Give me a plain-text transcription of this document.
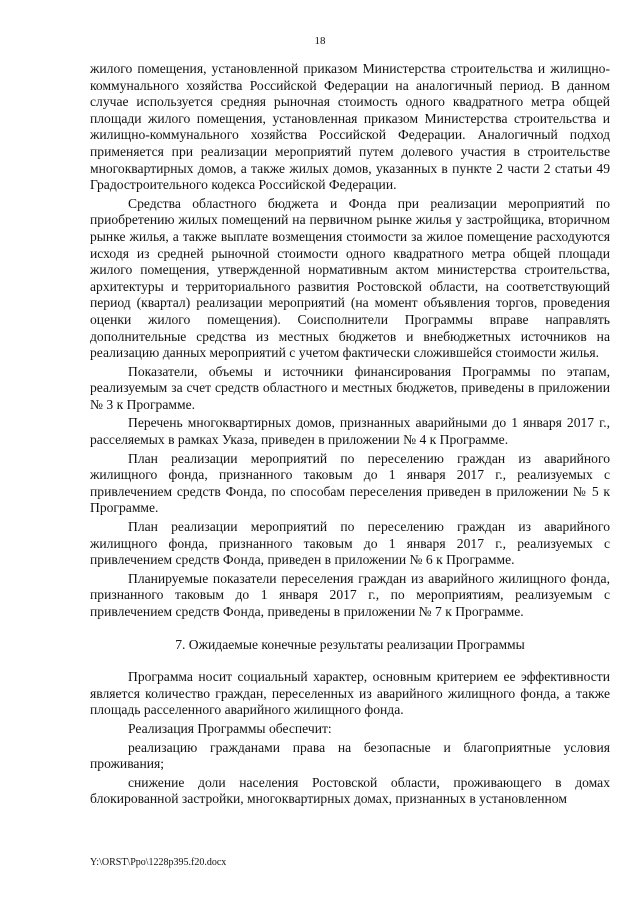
18

жилого помещения, установленной приказом Министерства строительства и жилищно-коммунального хозяйства Российской Федерации на аналогичный период. В данном случае используется средняя рыночная стоимость одного квадратного метра общей площади жилого помещения, установленная приказом Министерства строительства и жилищно-коммунального хозяйства Российской Федерации. Аналогичный подход применяется при реализации мероприятий путем долевого участия в строительстве многоквартирных домов, а также жилых домов, указанных в пункте 2 части 2 статьи 49 Градостроительного кодекса Российской Федерации.

Средства областного бюджета и Фонда при реализации мероприятий по приобретению жилых помещений на первичном рынке жилья у застройщика, вторичном рынке жилья, а также выплате возмещения стоимости за жилое помещение расходуются исходя из средней рыночной стоимости одного квадратного метра общей площади жилого помещения, утвержденной нормативным актом министерства строительства, архитектуры и территориального развития Ростовской области, на соответствующий период (квартал) реализации мероприятий (на момент объявления торгов, проведения оценки жилого помещения). Соисполнители Программы вправе направлять дополнительные средства из местных бюджетов и внебюджетных источников на реализацию данных мероприятий с учетом фактически сложившейся стоимости жилья.

Показатели, объемы и источники финансирования Программы по этапам, реализуемым за счет средств областного и местных бюджетов, приведены в приложении № 3 к Программе.

Перечень многоквартирных домов, признанных аварийными до 1 января 2017 г., расселяемых в рамках Указа, приведен в приложении № 4 к Программе.

План реализации мероприятий по переселению граждан из аварийного жилищного фонда, признанного таковым до 1 января 2017 г., реализуемых с привлечением средств Фонда, по способам переселения приведен в приложении № 5 к Программе.

План реализации мероприятий по переселению граждан из аварийного жилищного фонда, признанного таковым до 1 января 2017 г., реализуемых с привлечением средств Фонда, приведен в приложении № 6 к Программе.

Планируемые показатели переселения граждан из аварийного жилищного фонда, признанного таковым до 1 января 2017 г., по мероприятиям, реализуемым с привлечением средств Фонда, приведены в приложении № 7 к Программе.

7. Ожидаемые конечные результаты реализации Программы

Программа носит социальный характер, основным критерием ее эффективности является количество граждан, переселенных из аварийного жилищного фонда, а также площадь расселенного аварийного жилищного фонда.

Реализация Программы обеспечит:

реализацию гражданами права на безопасные и благоприятные условия проживания;

снижение доли населения Ростовской области, проживающего в домах блокированной застройки, многоквартирных домах, признанных в установленном

Y:\ORST\Ppo\1228p395.f20.docx
